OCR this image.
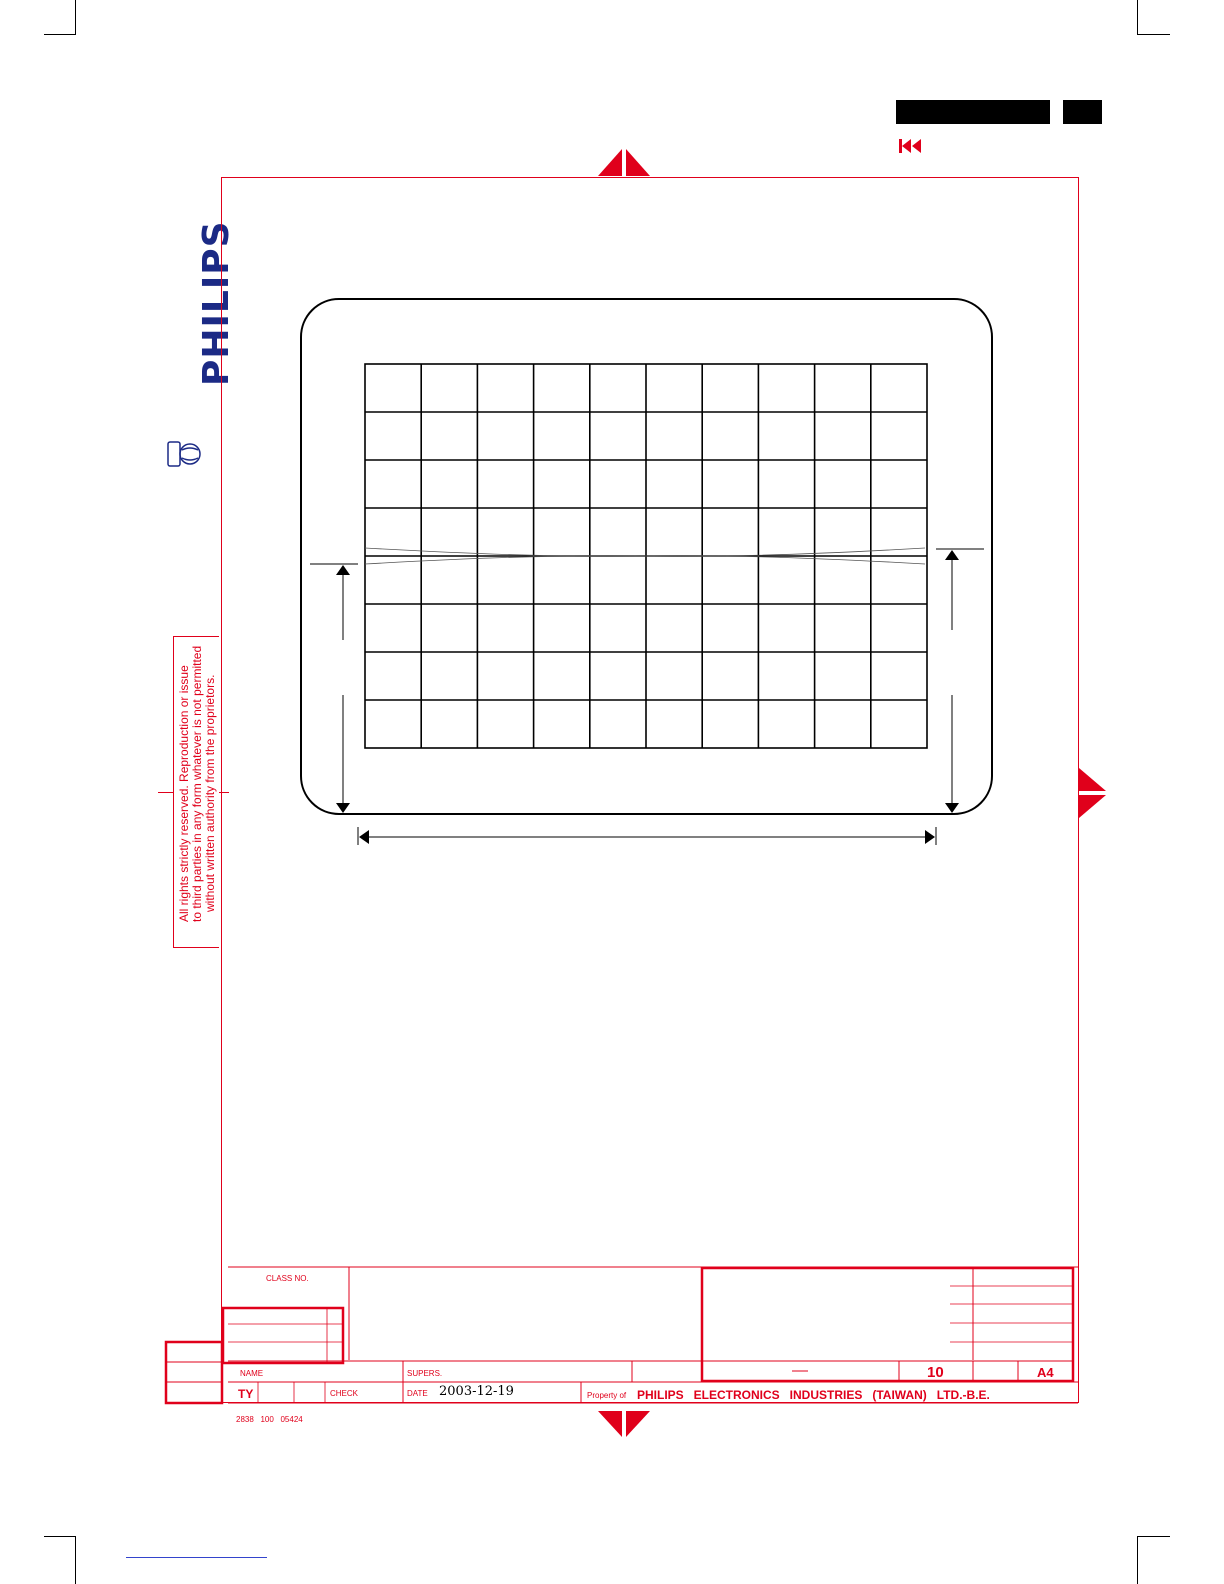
PHILIPS
All rights strictly reserved. Reproduction or issue to third parties in any form whatever is not permitted without written authority from the proprietors.
CLASS NO.
NAME
TY	CHECK
SUPERS.
DATE 2003-12-19	Property of PHILIPS   ELECTRONICS   INDUSTRIES   (TAIWAN)   LTD.-B.E.
10	A4
2838   100   05424
